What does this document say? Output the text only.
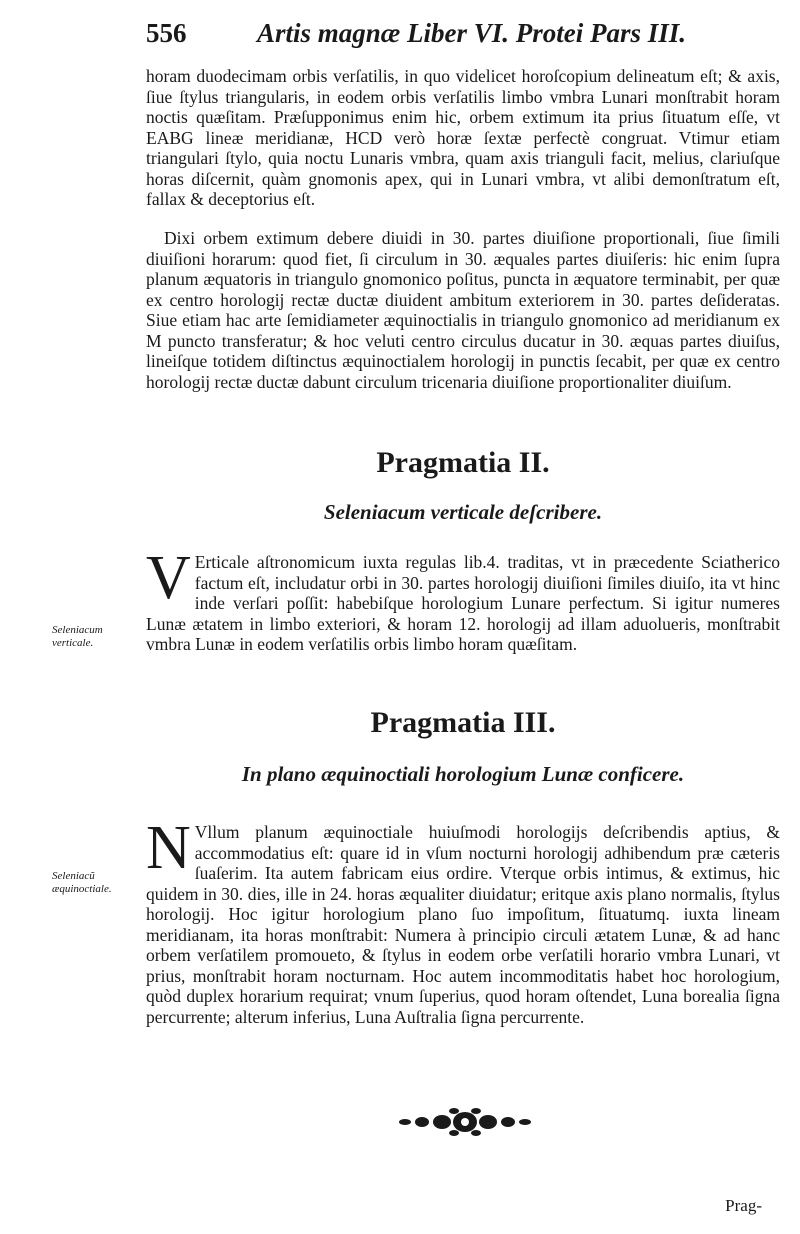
556	Artis magnæ Liber VI. Protei Pars III.

horam duodecimam orbis verſatilis, in quo videlicet horoſcopium delineatum eſt; & axis, ſiue ſtylus triangularis, in eodem orbis verſatilis limbo vmbra Lunari monſtrabit horam noctis quæſitam. Præſupponimus enim hic, orbem extimum ita prius ſituatum eſſe, vt EABG lineæ meridianæ, HCD verò horæ ſextæ perfectè congruat. Vtimur etiam triangulari ſtylo, quia noctu Lunaris vmbra, quam axis trianguli facit, melius, clariuſque horas diſcernit, quàm gnomonis apex, qui in Lunari vmbra, vt alibi demonſtratum eſt, fallax & deceptorius eſt.

Dixi orbem extimum debere diuidi in 30. partes diuiſione proportionali, ſiue ſimili diuiſioni horarum: quod fiet, ſi circulum in 30. æquales partes diuiſeris: hic enim ſupra planum æquatoris in triangulo gnomonico poſitus, puncta in æquatore terminabit, per quæ ex centro horologij rectæ ductæ diuident ambitum exteriorem in 30. partes deſideratas. Siue etiam hac arte ſemidiameter æquinoctialis in triangulo gnomonico ad meridianum ex M puncto transferatur; & hoc veluti centro circulus ducatur in 30. æquas partes diuiſus, lineiſque totidem diſtinctus æquinoctialem horologij in punctis ſecabit, per quæ ex centro horologij rectæ ductæ dabunt circulum tricenaria diuiſione proportionaliter diuiſum.

Pragmatia II.
Seleniacum verticale deſcribere.

V Erticale aſtronomicum iuxta regulas lib.4. traditas, vt in præcedente Sciatherico factum eſt, includatur orbi in 30. partes horologij diuiſioni ſimiles diuiſo, ita vt hinc inde verſari poſſit: habebiſque horologium Lunare perfectum. Si igitur numeres Lunæ ætatem in limbo exteriori, & horam 12. horologij ad illam aduolueris, monſtrabit vmbra Lunæ in eodem verſatilis orbis limbo horam quæſitam.

Seleniacum verticale.
Pragmatia III.
In plano æquinoctiali horologium Lunæ conficere.

N Vllum planum æquinoctiale huiuſmodi horologijs deſcribendis aptius, & accommodatius eſt: quare id in vſum nocturni horologij adhibendum præ cæteris ſuaſerim. Ita autem fabricam eius ordire. Vterque orbis intimus, & extimus, hic quidem in 30. dies, ille in 24. horas æqualiter diuidatur; eritque axis plano normalis, ſtylus horologij. Hoc igitur horologium plano ſuo impoſitum, ſituatumq. iuxta lineam meridianam, ita horas monſtrabit: Numera à principio circuli ætatem Lunæ, & ad hanc orbem verſatilem promoueto, & ſtylus in eodem orbe verſatili horario vmbra Lunari, vt prius, monſtrabit horam nocturnam. Hoc autem incommoditatis habet hoc horologium, quòd duplex horarium requirat; vnum ſuperius, quod horam oſtendet, Luna borealia ſigna percurrente; alterum inferius, Luna Auſtralia ſigna percurrente.

Seleniacũ æquinoctiale.
Prag-
